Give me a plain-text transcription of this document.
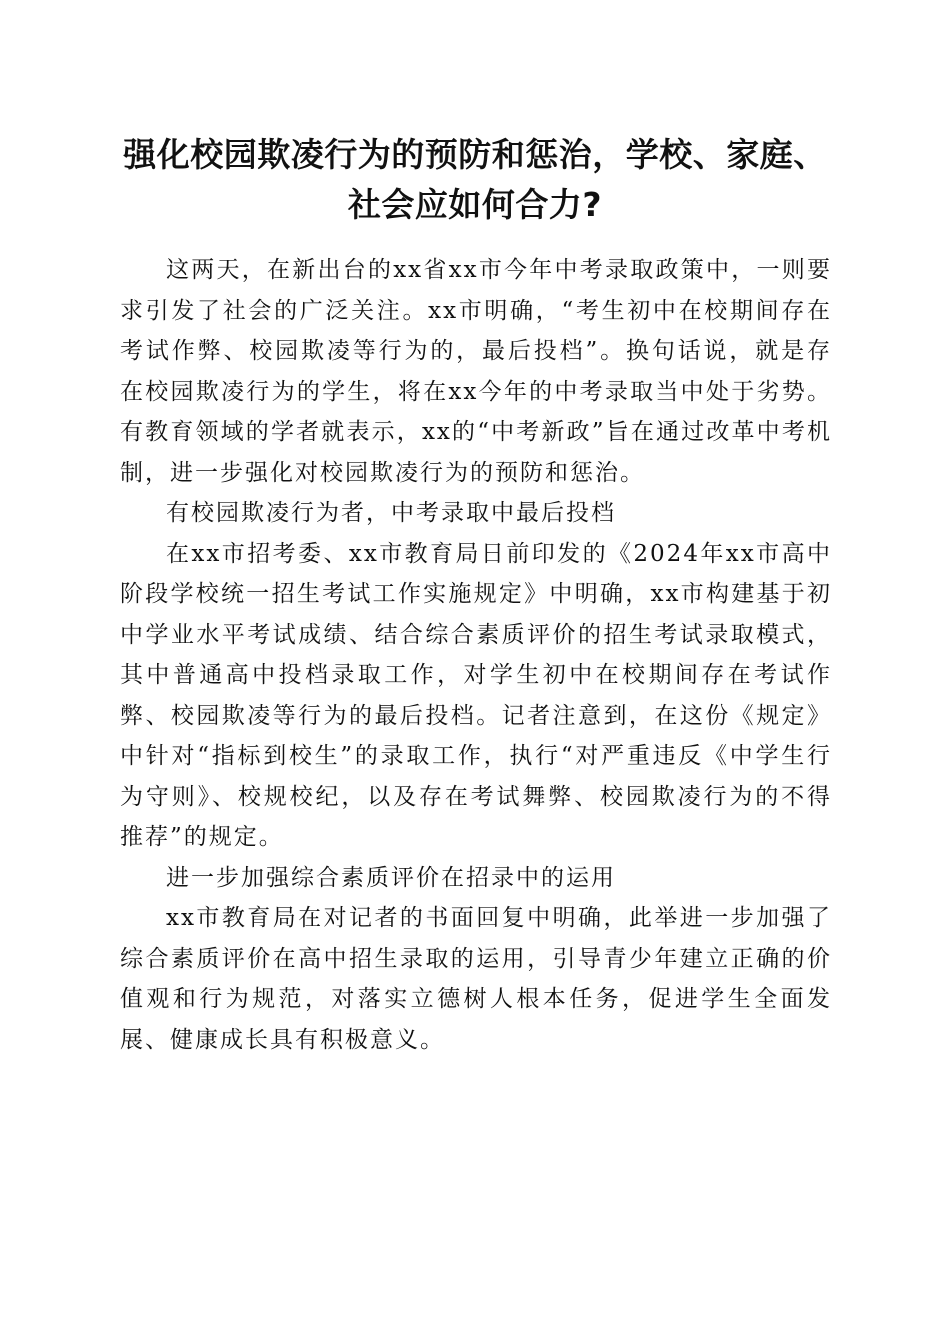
强化校园欺凌行为的预防和惩治，学校、家庭、
社会应如何合力?

这两天，在新出台的xx省xx市今年中考录取政策中，一则要求引发了社会的广泛关注。xx市明确，“考生初中在校期间存在考试作弊、校园欺凌等行为的，最后投档”。换句话说，就是存在校园欺凌行为的学生，将在xx今年的中考录取当中处于劣势。有教育领域的学者就表示，xx的“中考新政”旨在通过改革中考机制，进一步强化对校园欺凌行为的预防和惩治。

有校园欺凌行为者，中考录取中最后投档

在xx市招考委、xx市教育局日前印发的《2024年xx市高中阶段学校统一招生考试工作实施规定》中明确，xx市构建基于初中学业水平考试成绩、结合综合素质评价的招生考试录取模式，其中普通高中投档录取工作，对学生初中在校期间存在考试作弊、校园欺凌等行为的最后投档。记者注意到，在这份《规定》中针对“指标到校生”的录取工作，执行“对严重违反《中学生行为守则》、校规校纪，以及存在考试舞弊、校园欺凌行为的不得推荐”的规定。

进一步加强综合素质评价在招录中的运用

xx市教育局在对记者的书面回复中明确，此举进一步加强了综合素质评价在高中招生录取的运用，引导青少年建立正确的价值观和行为规范，对落实立德树人根本任务，促进学生全面发展、健康成长具有积极意义。
